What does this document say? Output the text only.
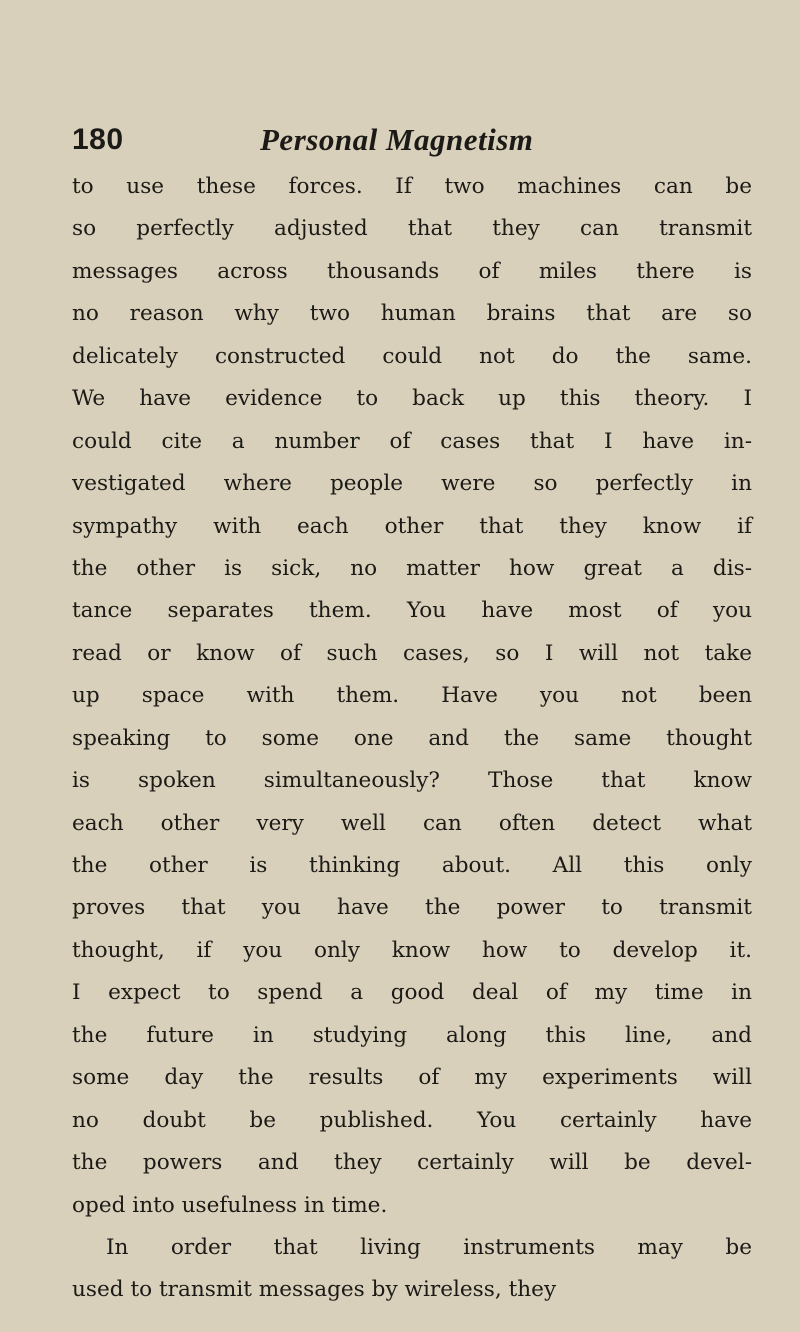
180	Personal Magnetism
to use these forces. If two machines can be
so perfectly adjusted that they can transmit
messages across thousands of miles there is
no reason why two human brains that are so
delicately constructed could not do the same.
We have evidence to back up this theory. I
could cite a number of cases that I have in-
vestigated where people were so perfectly in
sympathy with each other that they know if
the other is sick, no matter how great a dis-
tance separates them. You have most of you
read or know of such cases, so I will not take
up space with them. Have you not been
speaking to some one and the same thought
is spoken simultaneously? Those that know
each other very well can often detect what
the other is thinking about. All this only
proves that you have the power to transmit
thought, if you only know how to develop it.
I expect to spend a good deal of my time in
the future in studying along this line, and
some day the results of my experiments will
no doubt be published. You certainly have
the powers and they certainly will be devel-
oped into usefulness in time.
In order that living instruments may be
used to transmit messages by wireless, they
